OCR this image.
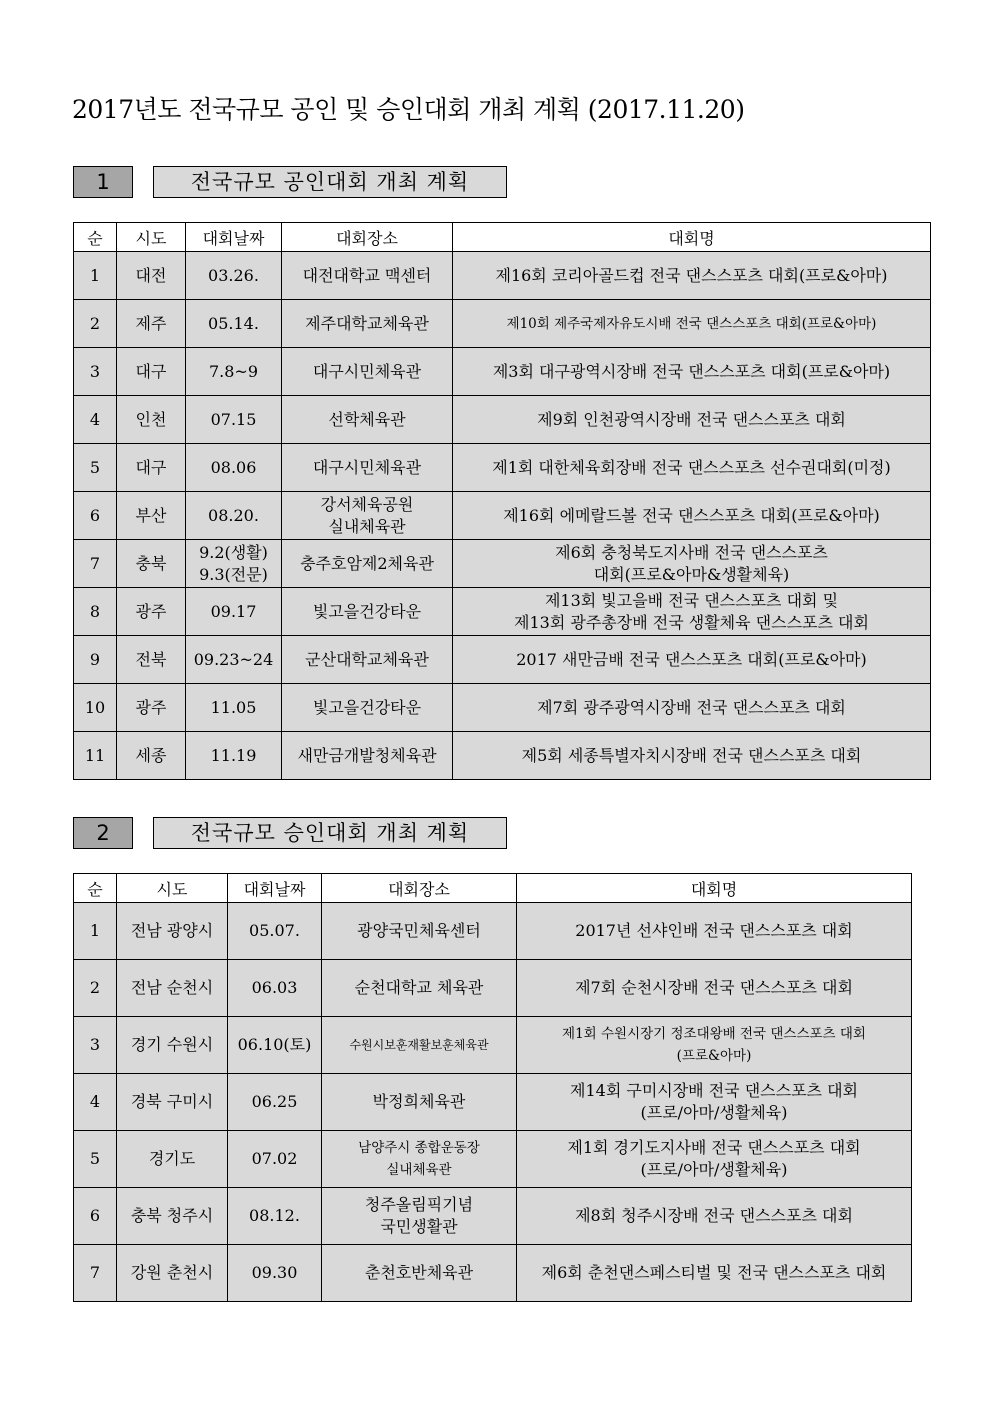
2017년도 전국규모 공인 및 승인대회 개최 계획 (2017.11.20)
1	전국규모 공인대회 개최 계획
순	시도	대회날짜	대회장소	대회명

1	대전	03.26.	대전대학교 맥센터	제16회 코리아골드컵 전국 댄스스포츠 대회(프로&아마)

2	제주	05.14.	제주대학교체육관	제10회 제주국제자유도시배 전국 댄스스포츠 대회(프로&아마)

3	대구	7.8~9	대구시민체육관	제3회 대구광역시장배 전국 댄스스포츠 대회(프로&아마)

4	인천	07.15	선학체육관	제9회 인천광역시장배 전국 댄스스포츠 대회

5	대구	08.06	대구시민체육관	제1회 대한체육회장배 전국 댄스스포츠 선수권대회(미정)

6	부산	08.20.	강서체육공원
실내체육관	제16회 에메랄드볼 전국 댄스스포츠 대회(프로&아마)

7	충북	9.2(생활)
9.3(전문)	충주호암제2체육관	제6회 충청북도지사배 전국 댄스스포츠
대회(프로&아마&생활체육)

8	광주	09.17	빛고을건강타운	제13회 빛고을배 전국 댄스스포츠 대회 및
제13회 광주총장배 전국 생활체육 댄스스포츠 대회

9	전북	09.23~24	군산대학교체육관	2017 새만금배 전국 댄스스포츠 대회(프로&아마)

10	광주	11.05	빛고을건강타운	제7회 광주광역시장배 전국 댄스스포츠 대회

11	세종	11.19	새만금개발청체육관	제5회 세종특별자치시장배 전국 댄스스포츠 대회
2	전국규모 승인대회 개최 계획
순	시도	대회날짜	대회장소	대회명

1	전남 광양시	05.07.	광양국민체육센터	2017년 선샤인배 전국 댄스스포츠 대회

2	전남 순천시	06.03	순천대학교 체육관	제7회 순천시장배 전국 댄스스포츠 대회

3	경기 수원시	06.10(토)	수원시보훈재활보훈체육관	제1회 수원시장기 정조대왕배 전국 댄스스포츠 대회
(프로&아마)

4	경북 구미시	06.25	박정희체육관	제14회 구미시장배 전국 댄스스포츠 대회
(프로/아마/생활체육)

5	경기도	07.02	남양주시 종합운동장
실내체육관	제1회 경기도지사배 전국 댄스스포츠 대회
(프로/아마/생활체육)

6	충북 청주시	08.12.	청주올림픽기념
국민생활관	제8회 청주시장배 전국 댄스스포츠 대회

7	강원 춘천시	09.30	춘천호반체육관	제6회 춘천댄스페스티벌 및 전국 댄스스포츠 대회
